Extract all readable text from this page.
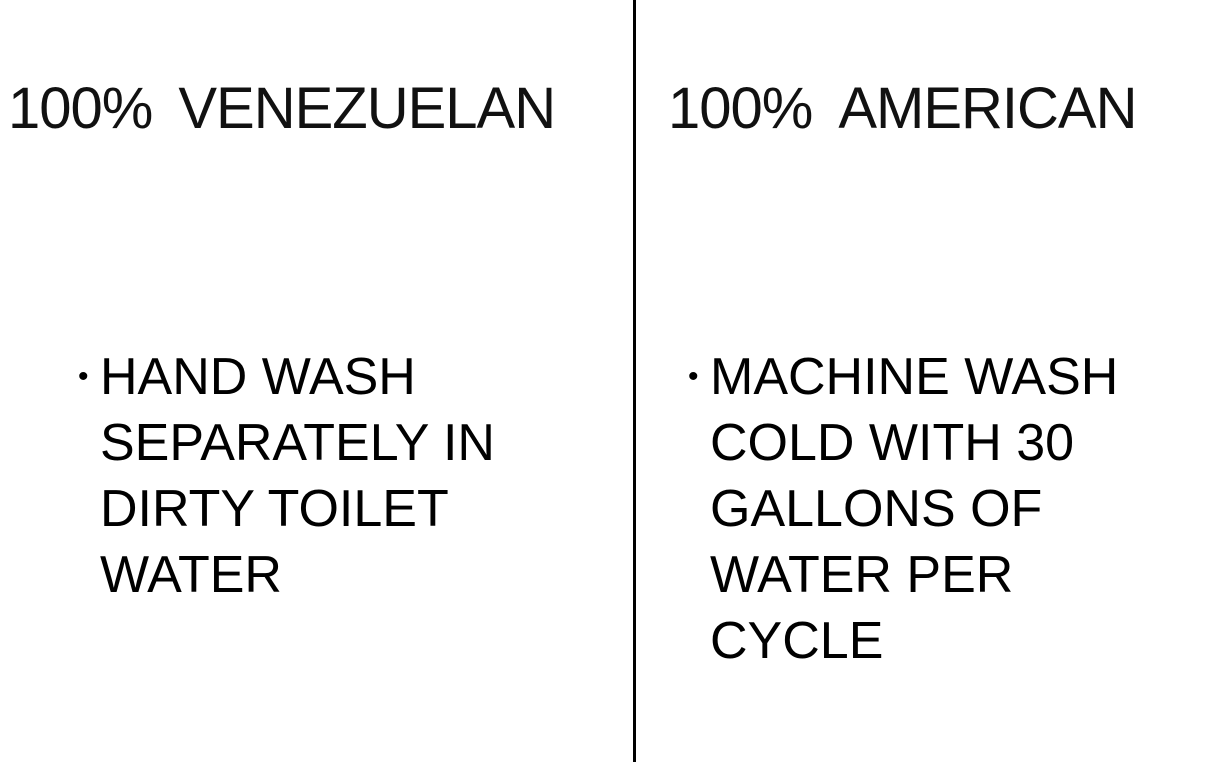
100% VENEZUELAN
• HAND WASH
SEPARATELY IN
DIRTY TOILET
WATER
100% AMERICAN
• MACHINE WASH
COLD WITH 30
GALLONS OF
WATER PER
CYCLE
